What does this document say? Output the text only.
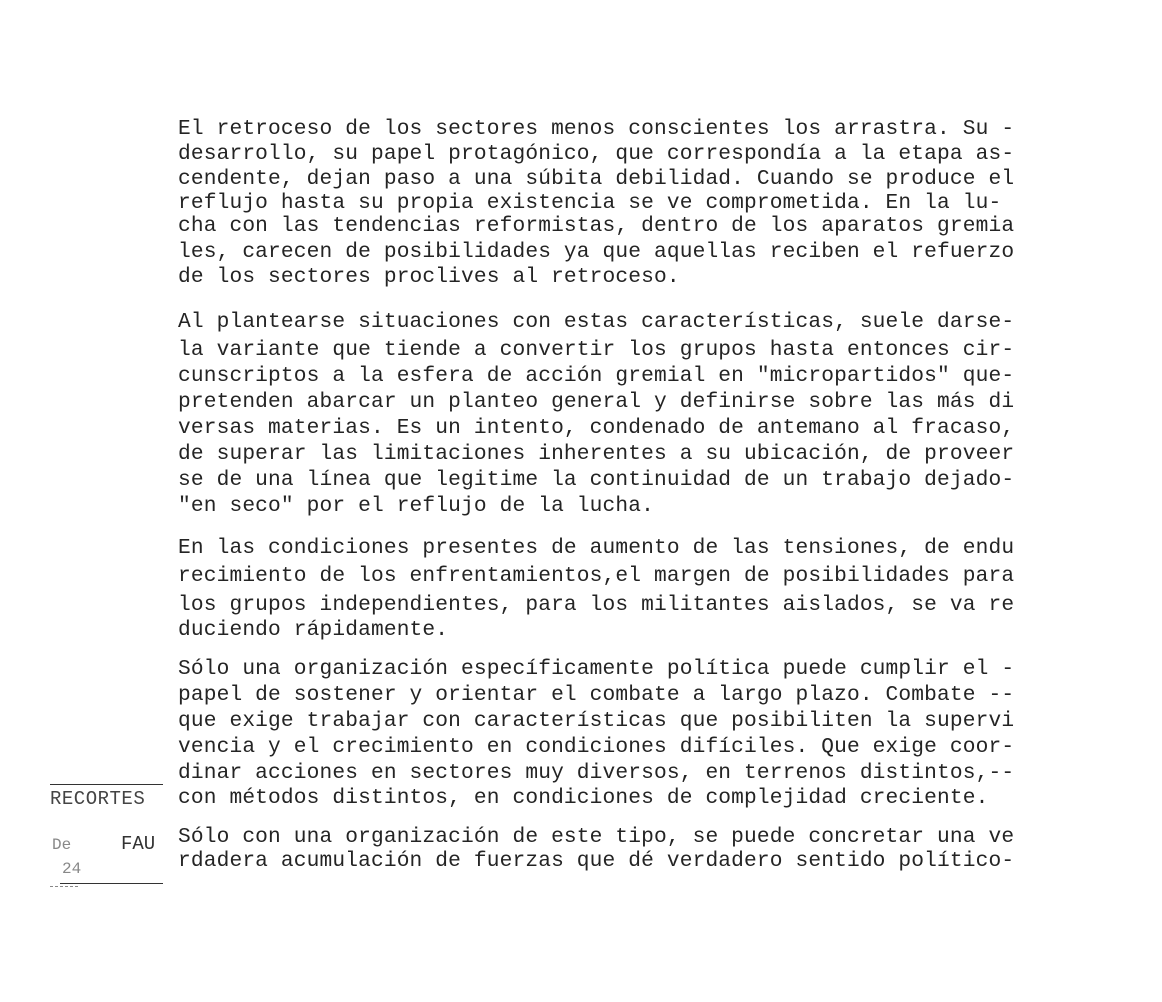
El retroceso de los sectores menos conscientes los arrastra. Su -
desarrollo, su papel protagónico, que correspondía a la etapa as-
cendente, dejan paso a una súbita debilidad. Cuando se produce el
reflujo hasta su propia existencia se ve comprometida. En la lu-
cha con las tendencias reformistas, dentro de los aparatos gremia
les, carecen de posibilidades ya que aquellas reciben el refuerzo
de los sectores proclives al retroceso.
Al plantearse situaciones con estas características, suele darse-
la variante que tiende a convertir los grupos hasta entonces cir-
cunscriptos a la esfera de acción gremial en "micropartidos" que-
pretenden abarcar un planteo general y definirse sobre las más di
versas materias. Es un intento, condenado de antemano al fracaso,
de superar las limitaciones inherentes a su ubicación, de proveer
se de una línea que legitime la continuidad de un trabajo dejado-
"en seco" por el reflujo de la lucha.
En las condiciones presentes de aumento de las tensiones, de endu
recimiento de los enfrentamientos,el margen de posibilidades para
los grupos independientes, para los militantes aislados, se va re
duciendo rápidamente.
Sólo una organización específicamente política puede cumplir el -
papel de sostener y orientar el combate a largo plazo. Combate --
que exige trabajar con características que posibiliten la supervi
vencia y el crecimiento en condiciones difíciles. Que exige coor-
dinar acciones en sectores muy diversos, en terrenos distintos,--
con métodos distintos, en condiciones de complejidad creciente.
Sólo con una organización de este tipo, se puede concretar una ve
rdadera acumulación de fuerzas que dé verdadero sentido político-
RECORTES
De	FAU
24
